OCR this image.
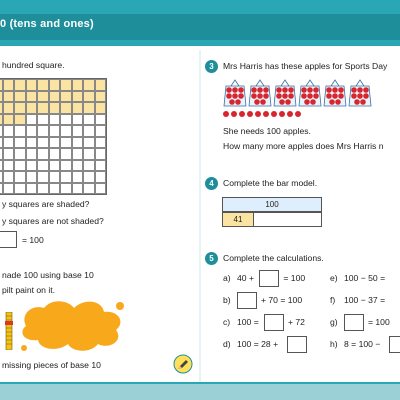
0 (tens and ones)
hundred square.
y squares are shaded?
y squares are not shaded?
= 100
nade 100 using base 10
pilt paint on it.
missing pieces of base 10
3	Mrs Harris has these apples for Sports Day
She needs 100 apples.
How many more apples does Mrs Harris n
4	Complete the bar model.
100
41
5	Complete the calculations.
a) 40 +	= 100	e) 100 − 50 =
b)	+ 70 = 100	f) 100 − 37 =
c) 100 =	+ 72	g)	= 100
d) 100 = 28 +	h) 8 = 100 −
